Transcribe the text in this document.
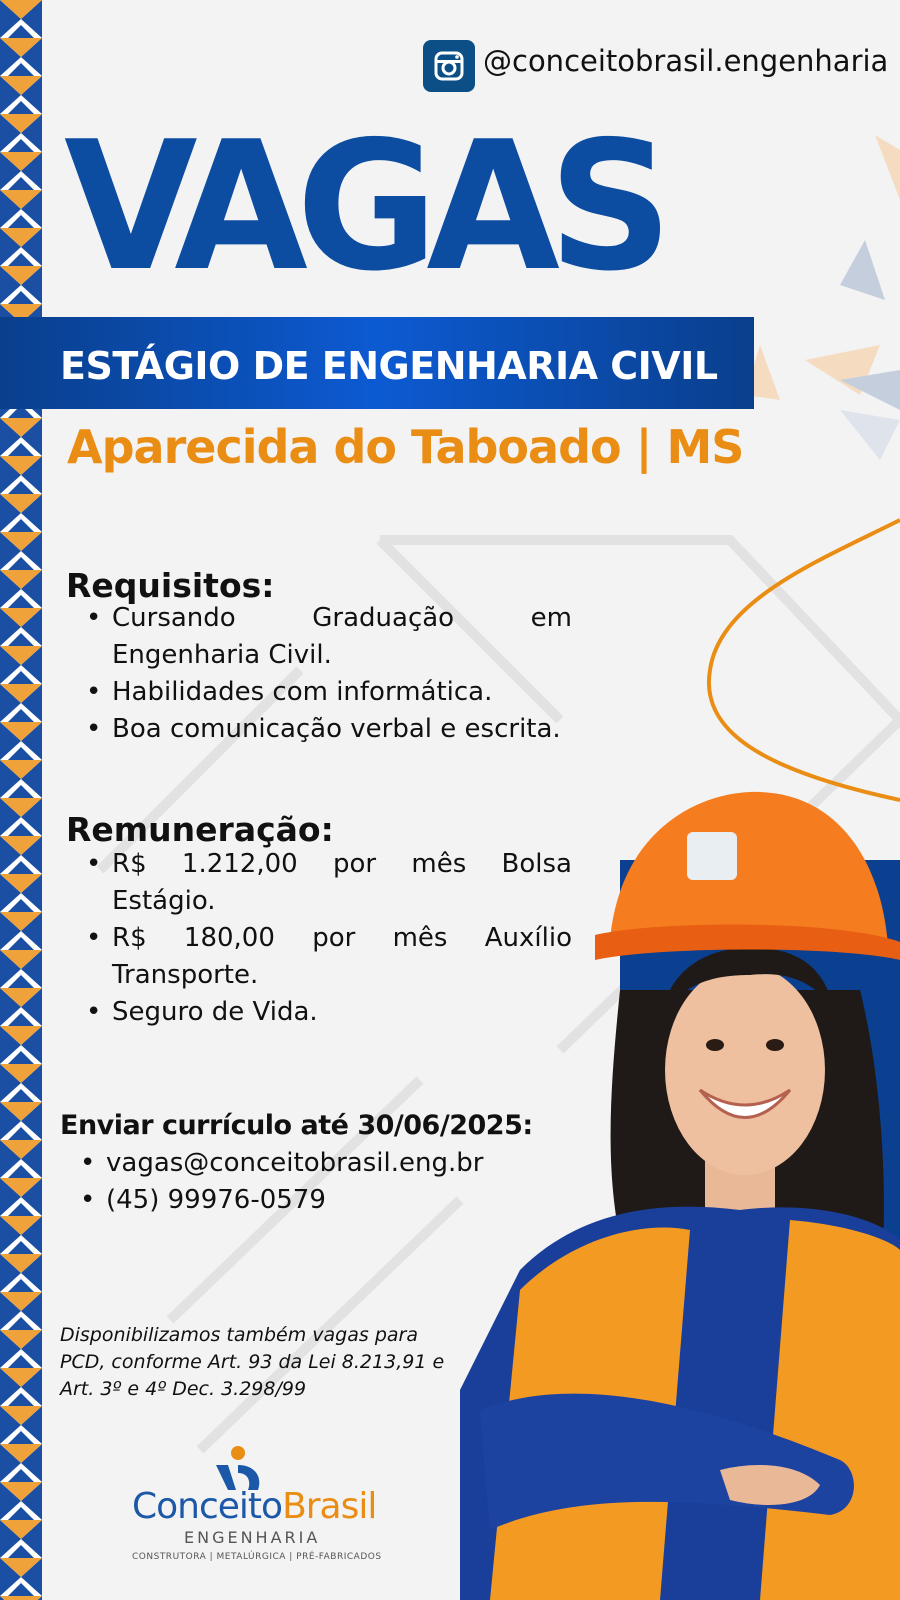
@conceitobrasil.engenharia
VAGAS
ESTÁGIO DE ENGENHARIA CIVIL
Aparecida do Taboado | MS
Requisitos:
• Cursando Graduação em Engenharia Civil.
• Habilidades com informática.
• Boa comunicação verbal e escrita.
Remuneração:
• R$ 1.212,00 por mês Bolsa Estágio.
• R$ 180,00 por mês Auxílio Transporte.
• Seguro de Vida.
Enviar currículo até 30/06/2025:
• vagas@conceitobrasil.eng.br
• (45) 99976-0579
Disponibilizamos também vagas para PCD, conforme Art. 93 da Lei 8.213,91 e Art. 3º e 4º Dec. 3.298/99
ConceitoBrasil
ENGENHARIA
CONSTRUTORA | METALÚRGICA | PRÉ-FABRICADOS
